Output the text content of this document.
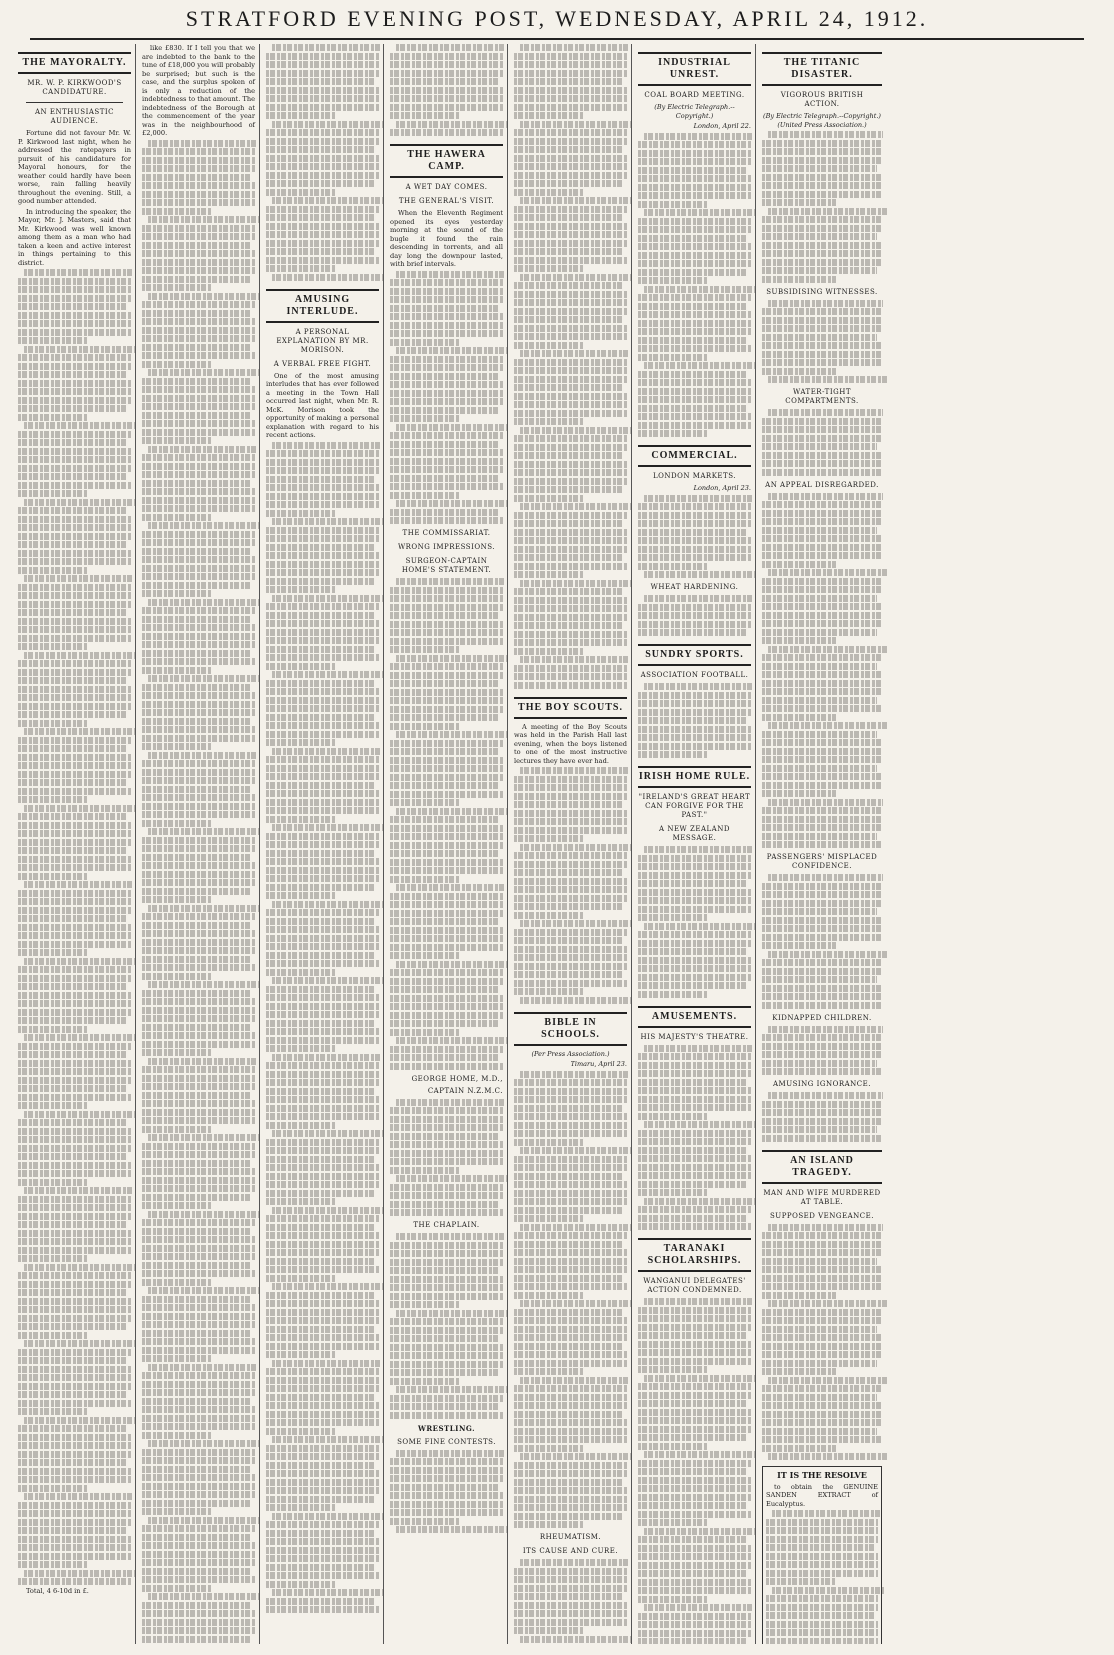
STRATFORD EVENING POST, WEDNESDAY, APRIL 24, 1912.
THE MAYORALTY.
MR. W. P. KIRKWOOD'S CANDIDATURE.
AN ENTHUSIASTIC AUDIENCE.

Fortune did not favour Mr. W. P. Kirkwood last night, when he addressed the ratepayers in pursuit of his candidature for Mayoral honours, for the weather could hardly have been worse, rain falling heavily throughout the evening. Still, a good number attended.

In introducing the speaker, the Mayor, Mr. J. Masters, said that Mr. Kirkwood was well known among them as a man who had taken a keen and active interest in things pertaining to this district.

Total, 4 6-10d in £.

like £830. If I tell you that we are indebted to the bank to the tune of £18,000 you will probably be surprised; but such is the case, and the surplus spoken of is only a reduction of the indebtedness to that amount. The indebtedness of the Borough at the commencement of the year was in the neighbourhood of £2,000.

AMUSING INTERLUDE.
A PERSONAL EXPLANATION BY MR. MORISON.
A VERBAL FREE FIGHT.

One of the most amusing interludes that has ever followed a meeting in the Town Hall occurred last night, when Mr. R. McK. Morison took the opportunity of making a personal explanation with regard to his recent actions.

THE HAWERA CAMP.
A WET DAY COMES.
THE GENERAL'S VISIT.

When the Eleventh Regiment opened its eyes yesterday morning at the sound of the bugle it found the rain descending in torrents, and all day long the downpour lasted, with brief intervals.

THE COMMISSARIAT.
WRONG IMPRESSIONS.
SURGEON-CAPTAIN HOME'S STATEMENT.
GEORGE HOME, M.D.,
CAPTAIN N.Z.M.C.
THE CHAPLAIN.
WRESTLING.
SOME FINE CONTESTS.
THE BOY SCOUTS.

A meeting of the Boy Scouts was held in the Parish Hall last evening, when the boys listened to one of the most instructive lectures they have ever had.

BIBLE IN SCHOOLS.
(Per Press Association.)
Timaru, April 23.
RHEUMATISM.
ITS CAUSE AND CURE.
INDUSTRIAL UNREST.
COAL BOARD MEETING.
(By Electric Telegraph.--Copyright.)
London, April 22.
COMMERCIAL.
LONDON MARKETS.
London, April 23.
WHEAT HARDENING.
SUNDRY SPORTS.
ASSOCIATION FOOTBALL.
IRISH HOME RULE.
"IRELAND'S GREAT HEART CAN FORGIVE FOR THE PAST."
A NEW ZEALAND MESSAGE.
AMUSEMENTS.
HIS MAJESTY'S THEATRE.
TARANAKI SCHOLARSHIPS.
WANGANUI DELEGATES' ACTION CONDEMNED.
THE TITANIC DISASTER.
VIGOROUS BRITISH ACTION.
(By Electric Telegraph.--Copyright.) (United Press Association.)
SUBSIDISING WITNESSES.
WATER-TIGHT COMPARTMENTS.
AN APPEAL DISREGARDED.
PASSENGERS' MISPLACED CONFIDENCE.
KIDNAPPED CHILDREN.
AMUSING IGNORANCE.
AN ISLAND TRAGEDY.
MAN AND WIFE MURDERED AT TABLE.
SUPPOSED VENGEANCE.
IT IS THE RESOLVE

to obtain the GENUINE SANDEN EXTRACT of Eucalyptus.
